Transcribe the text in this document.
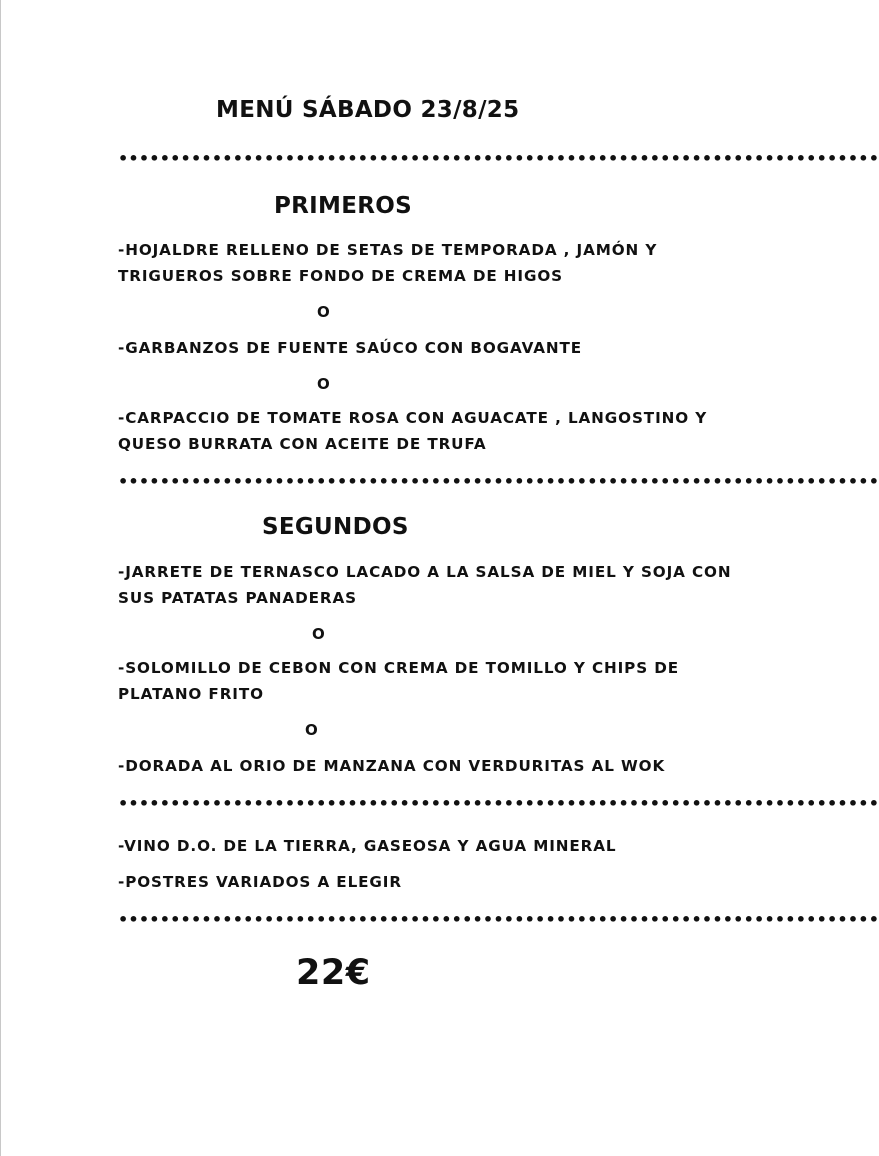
MENÚ SÁBADO 23/8/25
•••••••••••••••••••••••••••••••••••••••••••••••••••••••••••••••••••••••••
PRIMEROS
-HOJALDRE RELLENO DE SETAS DE TEMPORADA , JAMÓN Y
TRIGUEROS SOBRE FONDO DE CREMA DE HIGOS
O
-GARBANZOS DE FUENTE SAÚCO CON BOGAVANTE
O
-CARPACCIO DE TOMATE ROSA CON AGUACATE , LANGOSTINO Y
QUESO BURRATA CON ACEITE DE TRUFA
•••••••••••••••••••••••••••••••••••••••••••••••••••••••••••••••••••••••••
SEGUNDOS
-JARRETE DE TERNASCO LACADO A LA SALSA DE MIEL Y SOJA CON
SUS PATATAS PANADERAS
O
-SOLOMILLO DE CEBON CON CREMA DE TOMILLO Y CHIPS DE
PLATANO FRITO
O
-DORADA AL ORIO DE MANZANA CON VERDURITAS AL WOK
•••••••••••••••••••••••••••••••••••••••••••••••••••••••••••••••••••••••••
-VINO D.O. DE LA TIERRA, GASEOSA Y AGUA MINERAL
-POSTRES VARIADOS A ELEGIR
•••••••••••••••••••••••••••••••••••••••••••••••••••••••••••••••••••••••••
22€
